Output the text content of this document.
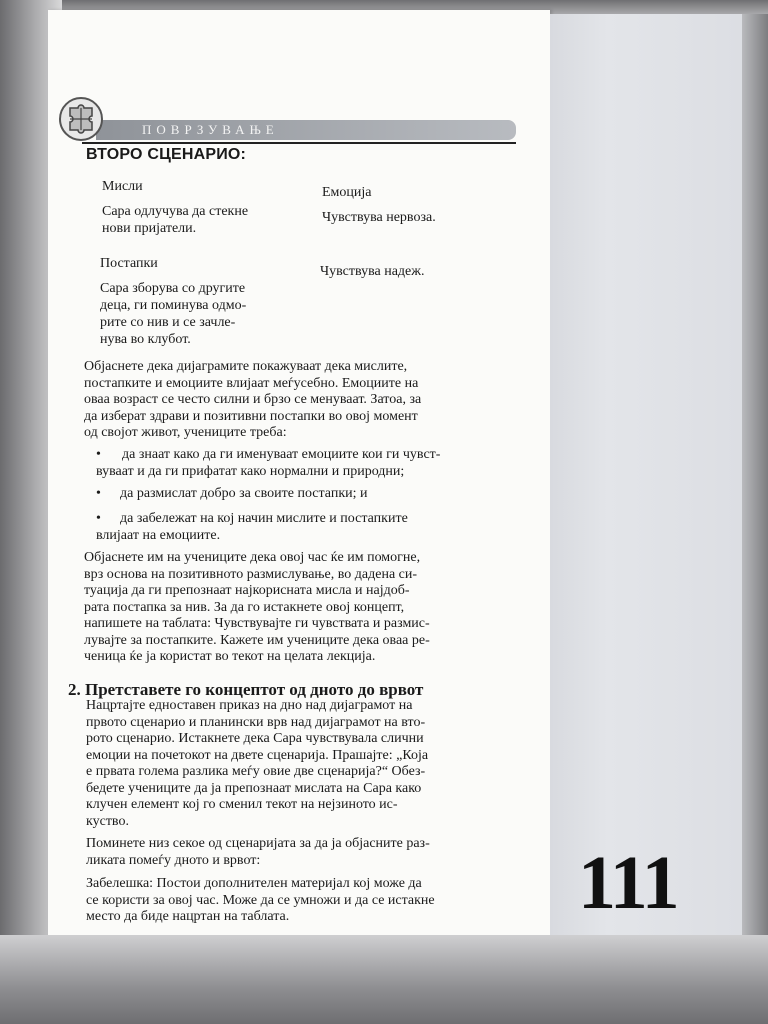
ПОВРЗУВАЊЕ
ВТОРО СЦЕНАРИО:
Мисли
Сара одлучува да стекне
нови пријатели.
Емоција
Чувствува нервоза.
Постапки
Сара зборува со другите
деца, ги поминува одмо-
рите со нив и се зачле-
нува во клубот.
Чувствува надеж.
Објаснете дека дијаграмите покажуваат дека мислите,
постапките и емоциите влијаат меѓусебно. Емоциите на
оваа возраст се често силни и брзо се менуваат. Затоа, за
да изберат здрави и позитивни постапки во овој момент
од својот живот, учениците треба:
•	да знаат како да ги именуваат емоциите кои ги чувст-
вуваат и да ги прифатат како нормални и природни;
•	да размислат добро за своите постапки; и
•	да забележат на кој начин мислите и постапките
влијаат на емоциите.
Објаснете им на учениците дека овој час ќе им помогне,
врз основа на позитивното размислување, во дадена си-
туација да ги препознаат најкорисната мисла и најдоб-
рата постапка за нив. За да го истакнете овој концепт,
напишете на таблата: Чувствувајте ги чувствата и размис-
лувајте за постапките. Кажете им учениците дека оваа ре-
ченица ќе ја користат во текот на целата лекција.
2. Претставете го концептот од дното до врвот
Нацртајте едноставен приказ на дно над дијаграмот на
првото сценарио и планински врв над дијаграмот на вто-
рото сценарио. Истакнете дека Сара чувствувала слични
емоции на почетокот на двете сценарија. Прашајте: „Која
е првата голема разлика меѓу овие две сценарија?“ Обез-
бедете учениците да ја препознаат мислата на Сара како
клучен елемент кој го сменил текот на нејзиното ис-
куство.
Поминете низ секое од сценаријата за да ја објасните раз-
ликата помеѓу дното и врвот:
Забелешка: Постои дополнителен материјал кој може да
се користи за овој час. Може да се умножи и да се истакне
место да биде нацртан на таблата.	111
